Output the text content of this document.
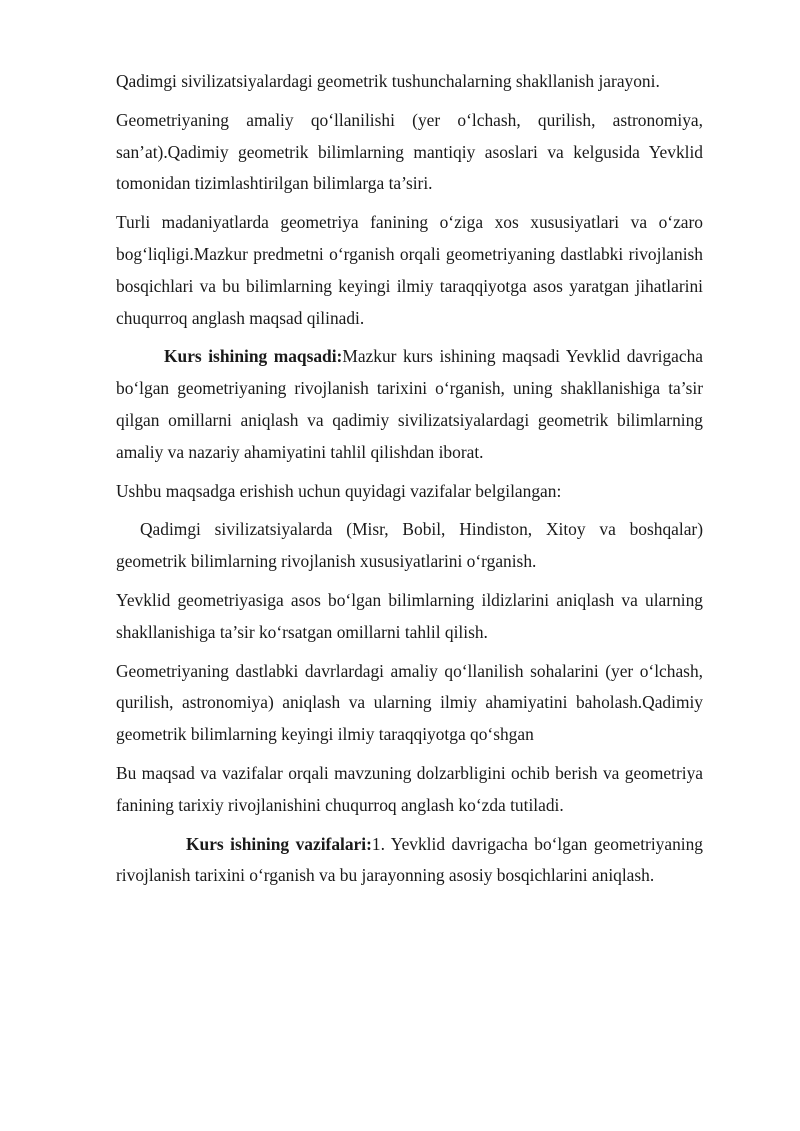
Qadimgi sivilizatsiyalardagi geometrik tushunchalarning shakllanish jarayoni.

Geometriyaning amaliy qo‘llanilishi (yer o‘lchash, qurilish, astronomiya, san’at).Qadimiy geometrik bilimlarning mantiqiy asoslari va kelgusida Yevklid tomonidan tizimlashtirilgan bilimlarga ta’siri.

Turli madaniyatlarda geometriya fanining o‘ziga xos xususiyatlari va o‘zaro bog‘liqligi.Mazkur predmetni o‘rganish orqali geometriyaning dastlabki rivojlanish bosqichlari va bu bilimlarning keyingi ilmiy taraqqiyotga asos yaratgan jihatlarini chuqurroq anglash maqsad qilinadi.

Kurs ishining maqsadi:Mazkur kurs ishining maqsadi Yevklid davrigacha bo‘lgan geometriyaning rivojlanish tarixini o‘rganish, uning shakllanishiga ta’sir qilgan omillarni aniqlash va qadimiy sivilizatsiyalardagi geometrik bilimlarning amaliy va nazariy ahamiyatini tahlil qilishdan iborat.

Ushbu maqsadga erishish uchun quyidagi vazifalar belgilangan:

Qadimgi sivilizatsiyalarda (Misr, Bobil, Hindiston, Xitoy va boshqalar) geometrik bilimlarning rivojlanish xususiyatlarini o‘rganish.

Yevklid geometriyasiga asos bo‘lgan bilimlarning ildizlarini aniqlash va ularning shakllanishiga ta’sir ko‘rsatgan omillarni tahlil qilish.

Geometriyaning dastlabki davrlardagi amaliy qo‘llanilish sohalarini (yer o‘lchash, qurilish, astronomiya) aniqlash va ularning ilmiy ahamiyatini baholash.Qadimiy geometrik bilimlarning keyingi ilmiy taraqqiyotga qo‘shgan

Bu maqsad va vazifalar orqali mavzuning dolzarbligini ochib berish va geometriya fanining tarixiy rivojlanishini chuqurroq anglash ko‘zda tutiladi.

Kurs ishining vazifalari:1. Yevklid davrigacha bo‘lgan geometriyaning rivojlanish tarixini o‘rganish va bu jarayonning asosiy bosqichlarini aniqlash.
